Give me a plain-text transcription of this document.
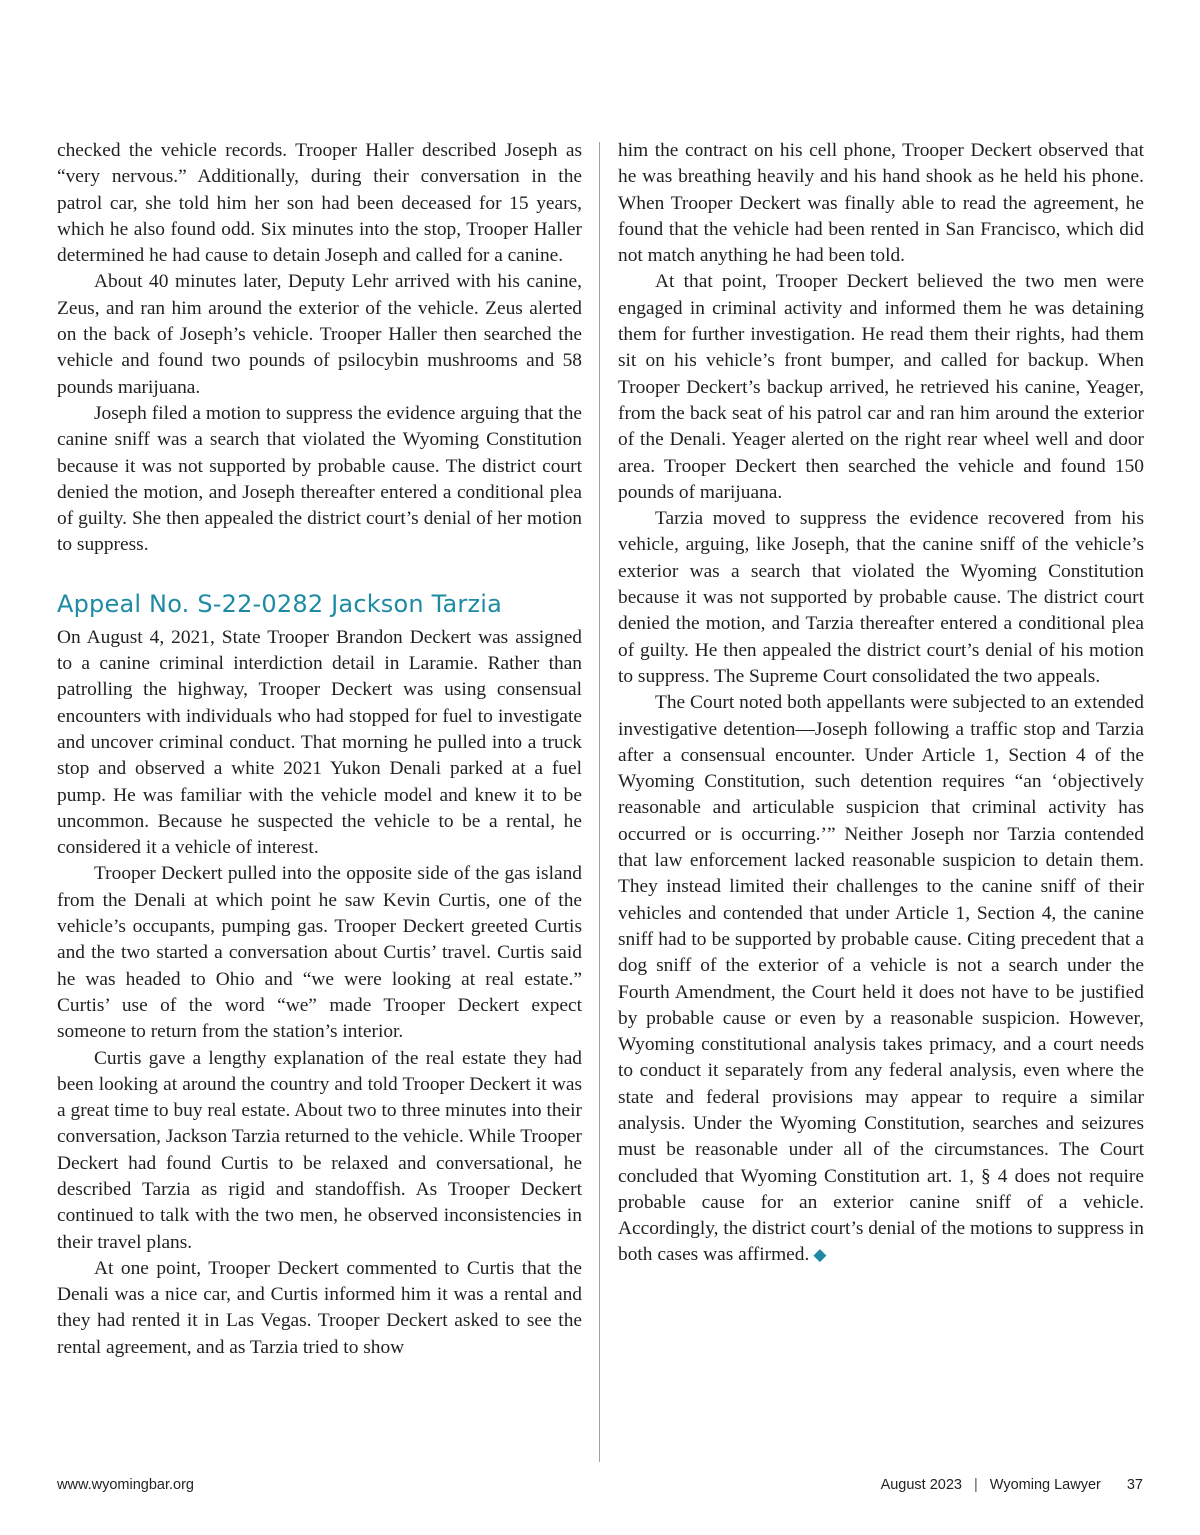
checked the vehicle records. Trooper Haller described Joseph as “very nervous.” Additionally, during their conversation in the patrol car, she told him her son had been deceased for 15 years, which he also found odd. Six minutes into the stop, Trooper Haller determined he had cause to detain Joseph and called for a canine.

About 40 minutes later, Deputy Lehr arrived with his canine, Zeus, and ran him around the exterior of the vehicle. Zeus alerted on the back of Joseph’s vehicle. Trooper Haller then searched the vehicle and found two pounds of psilocybin mushrooms and 58 pounds marijuana.

Joseph filed a motion to suppress the evidence arguing that the canine sniff was a search that violated the Wyoming Constitution because it was not supported by probable cause. The district court denied the motion, and Joseph thereafter entered a conditional plea of guilty. She then appealed the district court’s denial of her motion to suppress.

Appeal No. S-22-0282 Jackson Tarzia

On August 4, 2021, State Trooper Brandon Deckert was assigned to a canine criminal interdiction detail in Laramie. Rather than patrolling the highway, Trooper Deckert was using consensual encounters with individuals who had stopped for fuel to investigate and uncover criminal conduct. That morning he pulled into a truck stop and observed a white 2021 Yukon Denali parked at a fuel pump. He was familiar with the vehicle model and knew it to be uncommon. Because he suspected the vehicle to be a rental, he considered it a vehicle of interest.

Trooper Deckert pulled into the opposite side of the gas island from the Denali at which point he saw Kevin Curtis, one of the vehicle’s occupants, pumping gas. Trooper Deckert greeted Curtis and the two started a conversation about Curtis’ travel. Curtis said he was headed to Ohio and “we were looking at real estate.” Curtis’ use of the word “we” made Trooper Deckert expect someone to return from the station’s interior.

Curtis gave a lengthy explanation of the real estate they had been looking at around the country and told Trooper Deckert it was a great time to buy real estate. About two to three minutes into their conversation, Jackson Tarzia returned to the vehicle. While Trooper Deckert had found Curtis to be relaxed and conversational, he described Tarzia as rigid and standoffish. As Trooper Deckert continued to talk with the two men, he observed inconsistencies in their travel plans.

At one point, Trooper Deckert commented to Curtis that the Denali was a nice car, and Curtis informed him it was a rental and they had rented it in Las Vegas. Trooper Deckert asked to see the rental agreement, and as Tarzia tried to show

him the contract on his cell phone, Trooper Deckert observed that he was breathing heavily and his hand shook as he held his phone. When Trooper Deckert was finally able to read the agreement, he found that the vehicle had been rented in San Francisco, which did not match anything he had been told.

At that point, Trooper Deckert believed the two men were engaged in criminal activity and informed them he was detaining them for further investigation. He read them their rights, had them sit on his vehicle’s front bumper, and called for backup. When Trooper Deckert’s backup arrived, he retrieved his canine, Yeager, from the back seat of his patrol car and ran him around the exterior of the Denali. Yeager alerted on the right rear wheel well and door area. Trooper Deckert then searched the vehicle and found 150 pounds of marijuana.

Tarzia moved to suppress the evidence recovered from his vehicle, arguing, like Joseph, that the canine sniff of the vehicle’s exterior was a search that violated the Wyoming Constitution because it was not supported by probable cause. The district court denied the motion, and Tarzia thereafter entered a conditional plea of guilty. He then appealed the district court’s denial of his motion to suppress. The Supreme Court consolidated the two appeals.

The Court noted both appellants were subjected to an extended investigative detention—Joseph following a traffic stop and Tarzia after a consensual encounter. Under Article 1, Section 4 of the Wyoming Constitution, such detention requires “an ‘objectively reasonable and articulable suspicion that criminal activity has occurred or is occurring.’” Neither Joseph nor Tarzia contended that law enforcement lacked reasonable suspicion to detain them. They instead limited their challenges to the canine sniff of their vehicles and contended that under Article 1, Section 4, the canine sniff had to be supported by probable cause. Citing precedent that a dog sniff of the exterior of a vehicle is not a search under the Fourth Amendment, the Court held it does not have to be justified by probable cause or even by a reasonable suspicion. However, Wyoming constitutional analysis takes primacy, and a court needs to conduct it separately from any federal analysis, even where the state and federal provisions may appear to require a similar analysis. Under the Wyoming Constitution, searches and seizures must be reasonable under all of the circumstances. The Court concluded that Wyoming Constitution art. 1, § 4 does not require probable cause for an exterior canine sniff of a vehicle. Accordingly, the district court’s denial of the motions to suppress in both cases was affirmed. ◆

www.wyomingbar.org	August 2023 | Wyoming Lawyer 37
